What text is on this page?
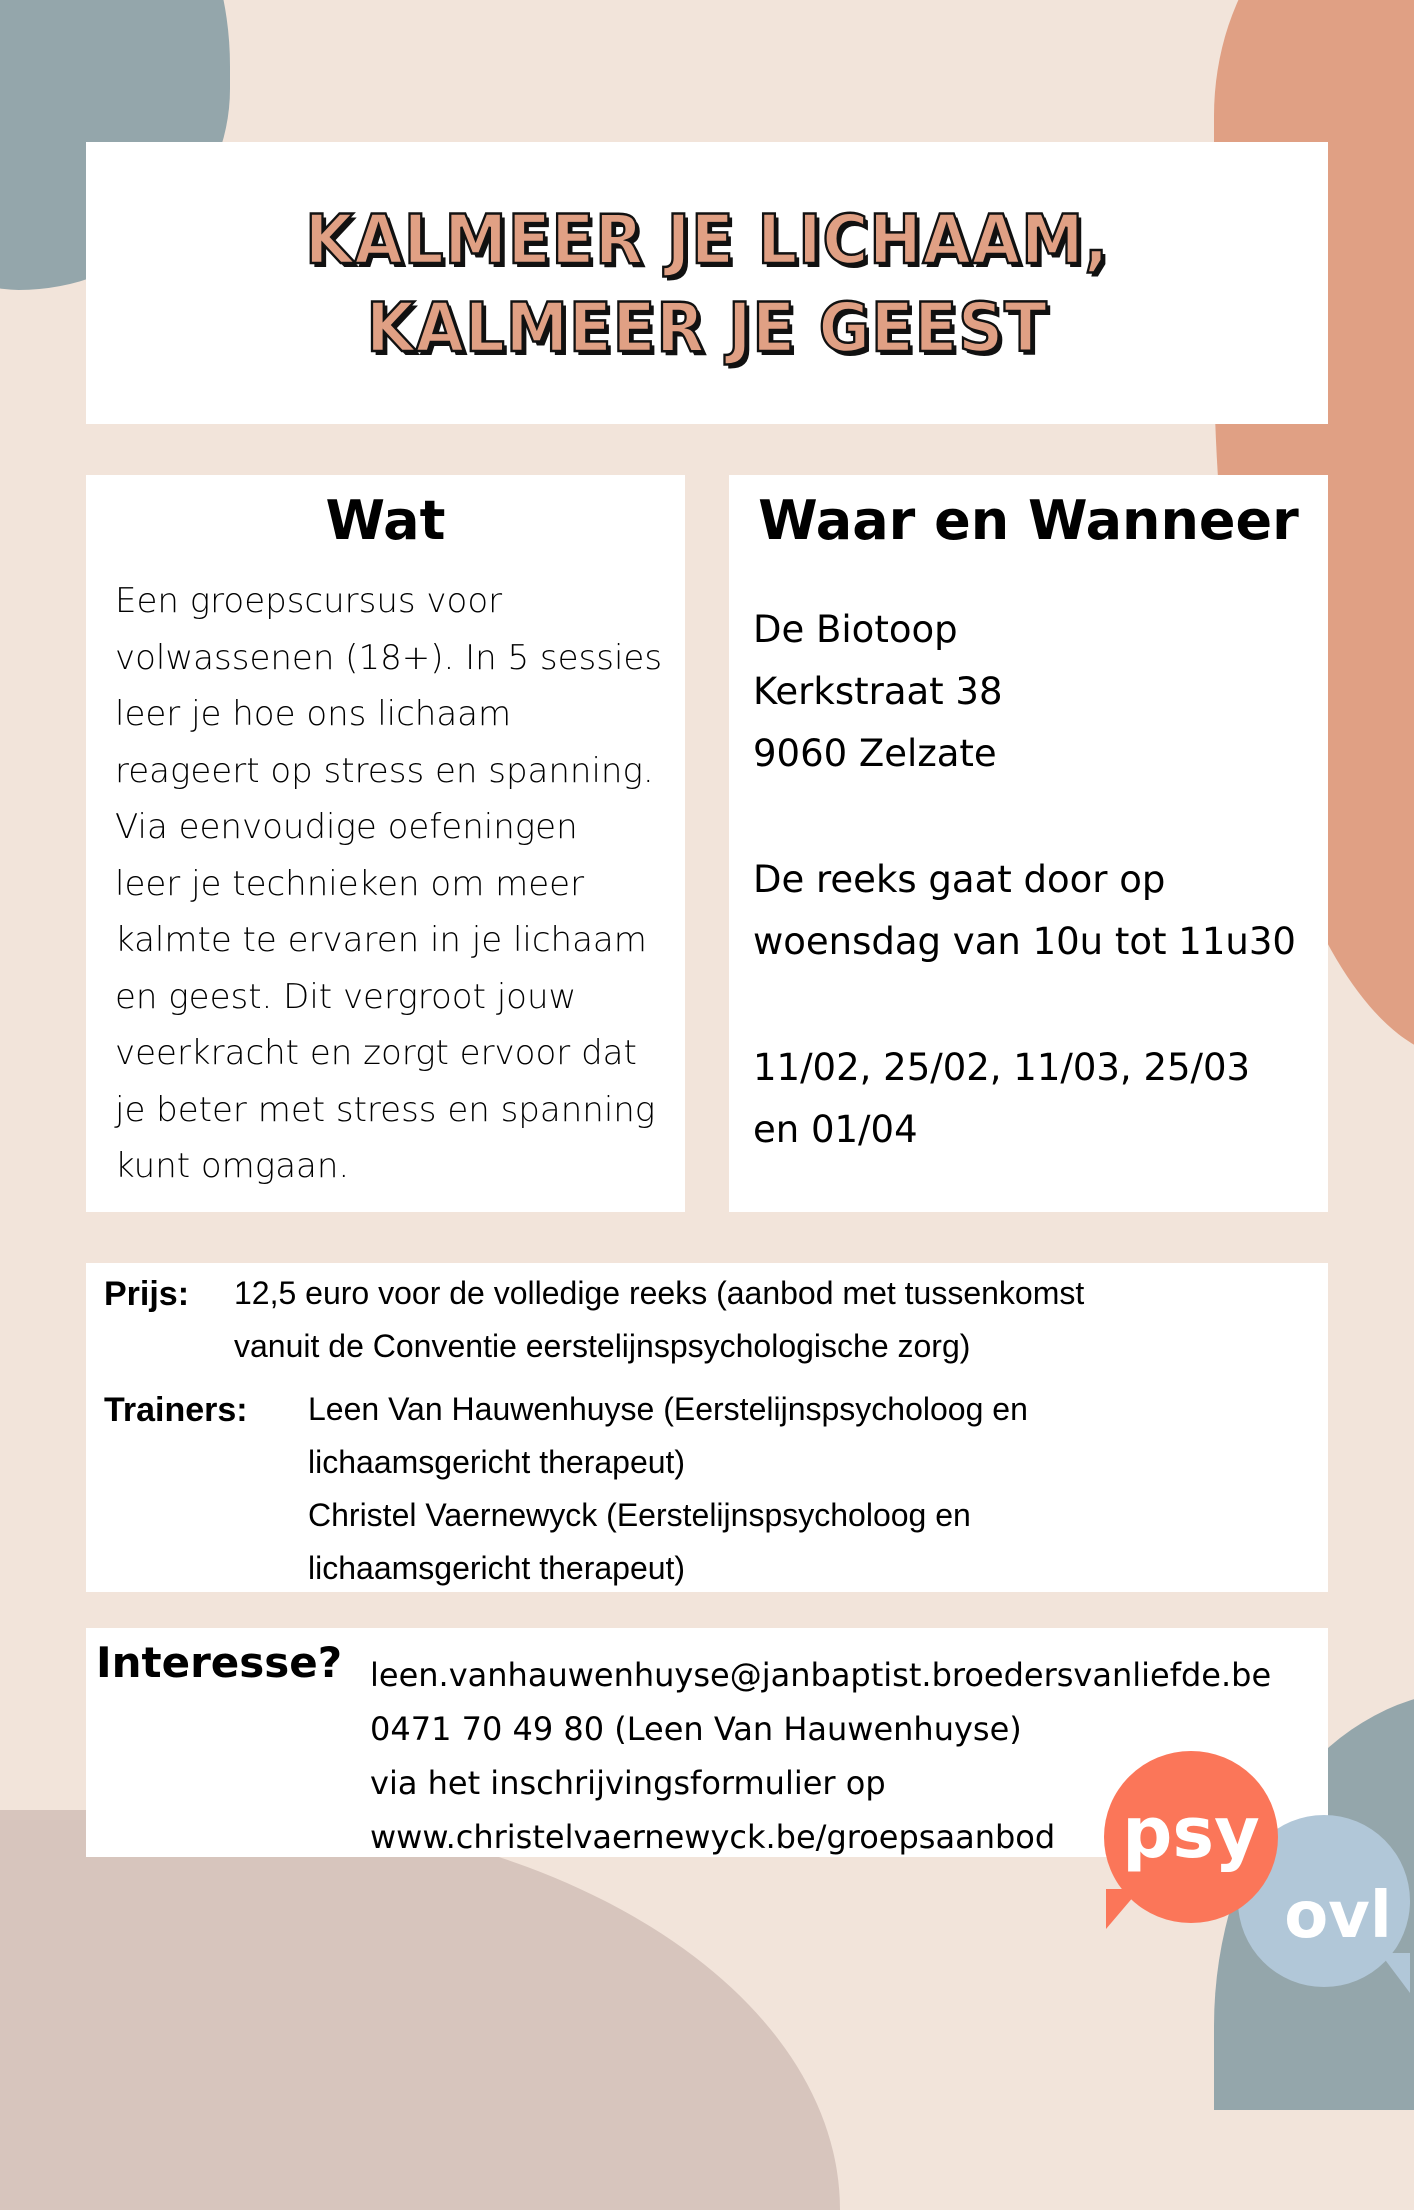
KALMEER JE LICHAAM,
KALMEER JE GEEST
Wat
Een groepscursus voor
volwassenen (18+). In 5 sessies
leer je hoe ons lichaam
reageert op stress en spanning.
Via eenvoudige oefeningen
leer je technieken om meer
kalmte te ervaren in je lichaam
en geest. Dit vergroot jouw
veerkracht en zorgt ervoor dat
je beter met stress en spanning
kunt omgaan.
Waar en Wanneer
De Biotoop
Kerkstraat 38
9060 Zelzate
De reeks gaat door op
woensdag van 10u tot 11u30
11/02, 25/02, 11/03, 25/03
en 01/04
Prijs: 12,5 euro voor de volledige reeks (aanbod met tussenkomst
vanuit de Conventie eerstelijnspsychologische zorg)
Trainers: Leen Van Hauwenhuyse (Eerstelijnspsycholoog en
lichaamsgericht therapeut)
Christel Vaernewyck (Eerstelijnspsycholoog en
lichaamsgericht therapeut)
Interesse? leen.vanhauwenhuyse@janbaptist.broedersvanliefde.be
0471 70 49 80 (Leen Van Hauwenhuyse)
via het inschrijvingsformulier op
www.christelvaernewyck.be/groepsaanbod
ovl
psy
